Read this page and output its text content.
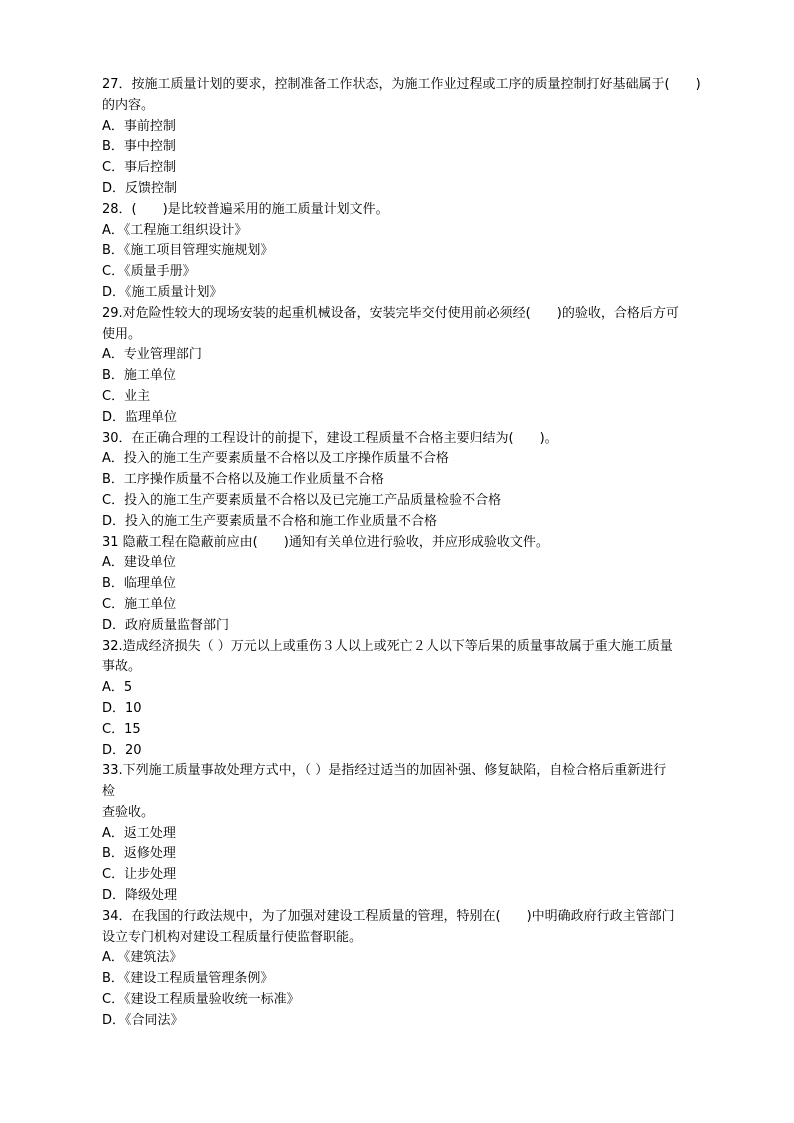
27．按施工质量计划的要求，控制准备工作状态，为施工作业过程或工序的质量控制打好基础属于(　　)
的内容。
A．事前控制
B．事中控制
C．事后控制
D．反馈控制
28．(　　)是比较普遍采用的施工质量计划文件。
A．《工程施工组织设计》
B．《施工项目管理实施规划》
C．《质量手册》
D．《施工质量计划》
29.对危险性较大的现场安装的起重机械设备，安装完毕交付使用前必须经(　　)的验收，合格后方可
使用。
A．专业管理部门
B．施工单位
C．业主
D．监理单位
30．在正确合理的工程设计的前提下，建设工程质量不合格主要归结为(　　)。
A．投入的施工生产要素质量不合格以及工序操作质量不合格
B．工序操作质量不合格以及施工作业质量不合格
C．投入的施工生产要素质量不合格以及已完施工产品质量检验不合格
D．投入的施工生产要素质量不合格和施工作业质量不合格
31 隐蔽工程在隐蔽前应由(　　)通知有关单位进行验收，并应形成验收文件。
A．建设单位
B．临理单位
C．施工单位
D．政府质量监督部门
32.造成经济损失（ ）万元以上或重伤３人以上或死亡２人以下等后果的质量事故属于重大施工质量
事故。
A．5
D．10
C．15
D．20
33.下列施工质量事故处理方式中，（ ）是指经过适当的加固补强、修复缺陷，自检合格后重新进行
检
查验收。
A．返工处理
B．返修处理
C．让步处理
D．降级处理
34．在我国的行政法规中，为了加强对建设工程质量的管理，特别在(　　)中明确政府行政主管部门
设立专门机构对建设工程质量行使监督职能。
A．《建筑法》
B．《建设工程质量管理条例》
C．《建设工程质量验收统一标准》
D．《合同法》
